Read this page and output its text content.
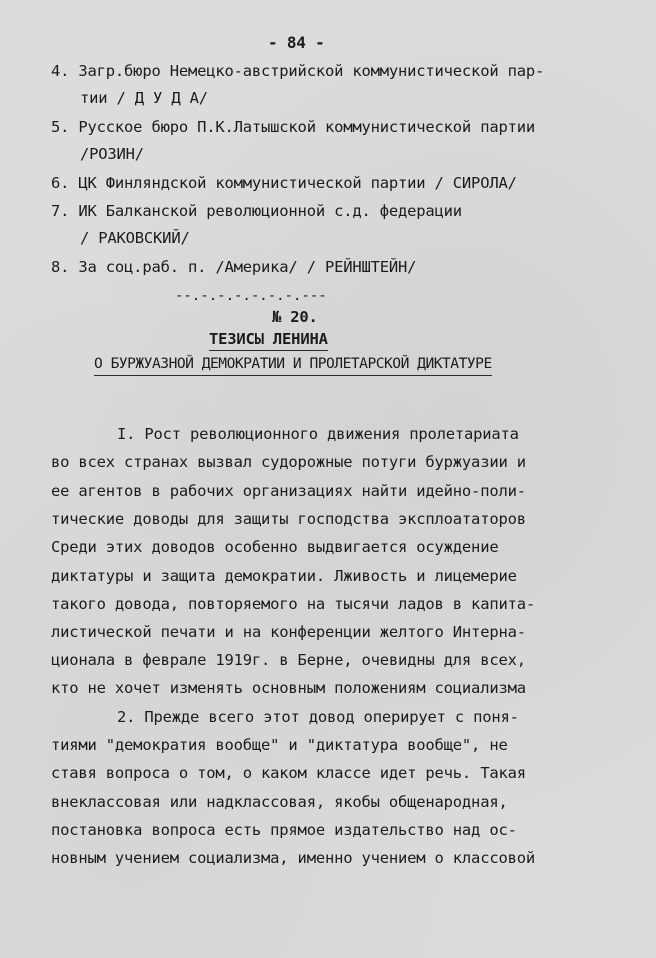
- 84 -
4. Загр.бюро Немецко-австрийской коммунистической пар-
тии / Д У Д А/
5. Русское бюро П.К.Латышской коммунистической партии
/РОЗИН/
6. ЦК Финляндской коммунистической партии / СИРОЛА/
7. ИК Балканской революционной с.д. федерации
/ РАКОВСКИЙ/
8. За соц.раб. п. /Америка/ / РЕЙНШТЕЙН/
--.-.-.-.-.-.-.---
№ 20.
ТЕЗИСЫ ЛЕНИНА
О БУРЖУАЗНОЙ ДЕМОКРАТИИ И ПРОЛЕТАРСКОЙ ДИКТАТУРЕ
I. Рост революционного движения пролетариата
во всех странах вызвал судорожные потуги буржуазии и
ее агентов в рабочих организациях найти идейно-поли-
тические доводы для защиты господства эксплоататоров
Среди этих доводов особенно выдвигается осуждение
диктатуры и защита демократии. Лживость и лицемерие
такого довода, повторяемого на тысячи ладов в капита-
листической печати и на конференции желтого Интерна-
ционала в феврале 1919г. в Берне, очевидны для всех,
кто не хочет изменять основным положениям социализма
2. Прежде всего этот довод оперирует с поня-
тиями "демократия вообще" и "диктатура вообще", не
ставя вопроса о том, о каком классе идет речь. Такая
внеклассовая или надклассовая, якобы общенародная,
постановка вопроса есть прямое издательство над ос-
новным учением социализма, именно учением о классовой
